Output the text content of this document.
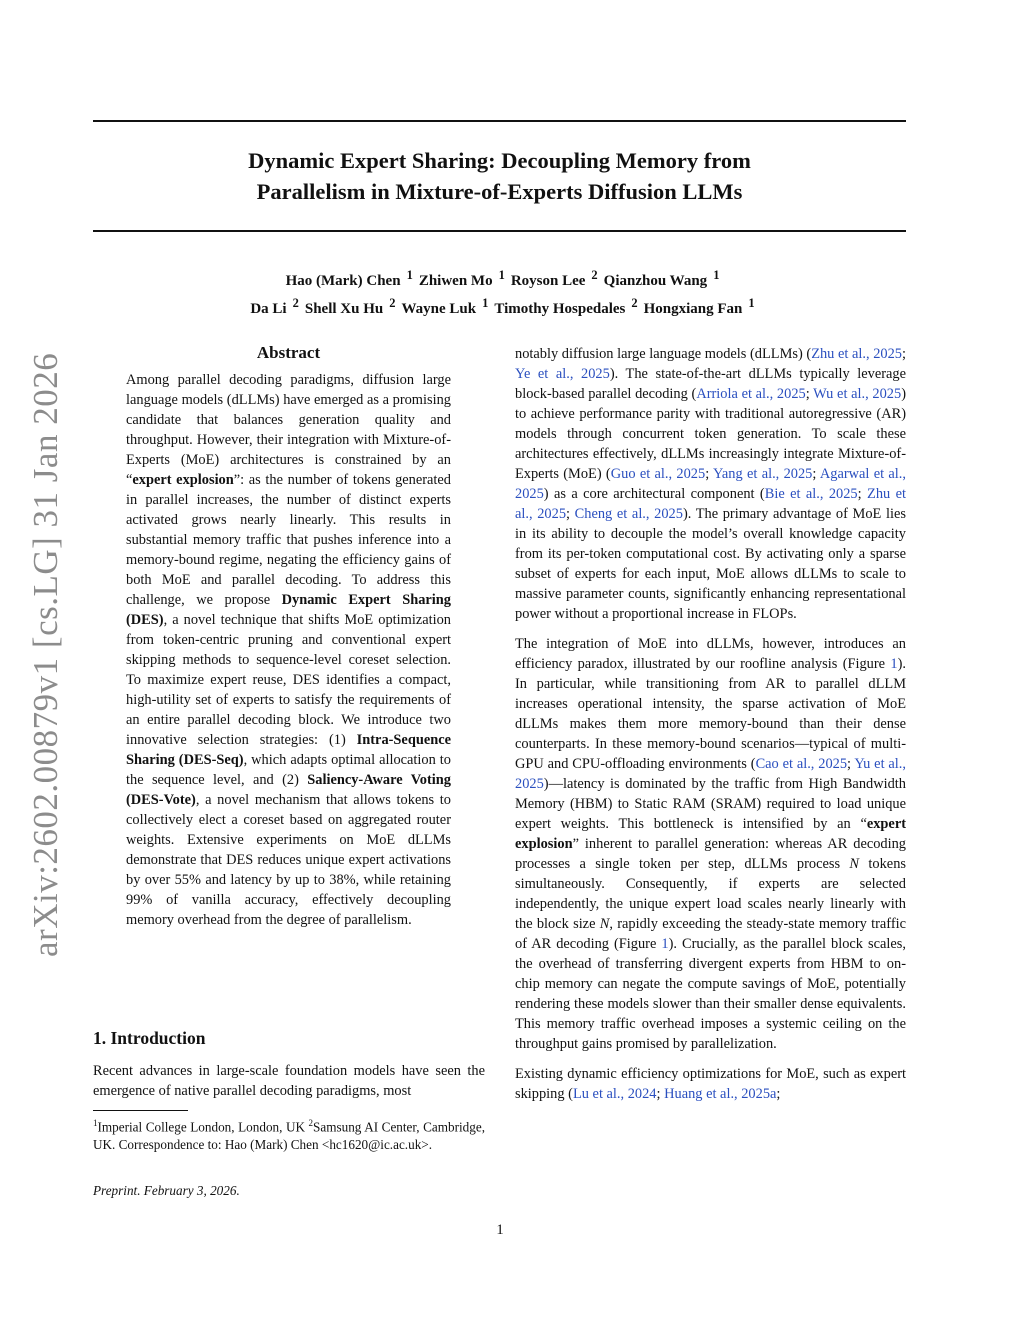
Dynamic Expert Sharing: Decoupling Memory from
Parallelism in Mixture-of-Experts Diffusion LLMs
Hao (Mark) Chen $^1$ Zhiwen Mo $^1$ Royson Lee $^2$ Qianzhou Wang $^1$
Da Li $^2$ Shell Xu Hu $^2$ Wayne Luk $^1$ Timothy Hospedales $^2$ Hongxiang Fan $^1$
arXiv:2602.00879v1 [cs.LG] 31 Jan 2026
Abstract
Among parallel decoding paradigms, diffusion large language models (dLLMs) have emerged as a promising candidate that balances generation quality and throughput. However, their integration with Mixture-of-Experts (MoE) architectures is constrained by an “expert explosion”: as the number of tokens generated in parallel increases, the number of distinct experts activated grows nearly linearly. This results in substantial memory traffic that pushes inference into a memory-bound regime, negating the efficiency gains of both MoE and parallel decoding. To address this challenge, we propose Dynamic Expert Sharing (DES), a novel technique that shifts MoE optimization from token-centric pruning and conventional expert skipping methods to sequence-level coreset selection. To maximize expert reuse, DES identifies a compact, high-utility set of experts to satisfy the requirements of an entire parallel decoding block. We introduce two innovative selection strategies: (1) Intra-Sequence Sharing (DES-Seq), which adapts optimal allocation to the sequence level, and (2) Saliency-Aware Voting (DES-Vote), a novel mechanism that allows tokens to collectively elect a coreset based on aggregated router weights. Extensive experiments on MoE dLLMs demonstrate that DES reduces unique expert activations by over 55% and latency by up to 38%, while retaining 99% of vanilla accuracy, effectively decoupling memory overhead from the degree of parallelism.
1. Introduction
Recent advances in large-scale foundation models have seen the emergence of native parallel decoding paradigms, most
$^1$Imperial College London, London, UK $^2$Samsung AI Center, Cambridge, UK. Correspondence to: Hao (Mark) Chen <hc1620@ic.ac.uk>.
Preprint. February 3, 2026.

notably diffusion large language models (dLLMs) (Zhu et al., 2025; Ye et al., 2025). The state-of-the-art dLLMs typically leverage block-based parallel decoding (Arriola et al., 2025; Wu et al., 2025) to achieve performance parity with traditional autoregressive (AR) models through concurrent token generation. To scale these architectures effectively, dLLMs increasingly integrate Mixture-of-Experts (MoE) (Guo et al., 2025; Yang et al., 2025; Agarwal et al., 2025) as a core architectural component (Bie et al., 2025; Zhu et al., 2025; Cheng et al., 2025). The primary advantage of MoE lies in its ability to decouple the model’s overall knowledge capacity from its per-token computational cost. By activating only a sparse subset of experts for each input, MoE allows dLLMs to scale to massive parameter counts, significantly enhancing representational power without a proportional increase in FLOPs.

The integration of MoE into dLLMs, however, introduces an efficiency paradox, illustrated by our roofline analysis (Figure 1). In particular, while transitioning from AR to parallel dLLM increases operational intensity, the sparse activation of MoE dLLMs makes them more memory-bound than their dense counterparts. In these memory-bound scenarios—typical of multi-GPU and CPU-offloading environments (Cao et al., 2025; Yu et al., 2025)—latency is dominated by the traffic from High Bandwidth Memory (HBM) to Static RAM (SRAM) required to load unique expert weights. This bottleneck is intensified by an “expert explosion” inherent to parallel generation: whereas AR decoding processes a single token per step, dLLMs process N tokens simultaneously. Consequently, if experts are selected independently, the unique expert load scales nearly linearly with the block size N, rapidly exceeding the steady-state memory traffic of AR decoding (Figure 1). Crucially, as the parallel block scales, the overhead of transferring divergent experts from HBM to on-chip memory can negate the compute savings of MoE, potentially rendering these models slower than their smaller dense equivalents. This memory traffic overhead imposes a systemic ceiling on the throughput gains promised by parallelization.

Existing dynamic efficiency optimizations for MoE, such as expert skipping (Lu et al., 2024; Huang et al., 2025a;

1
